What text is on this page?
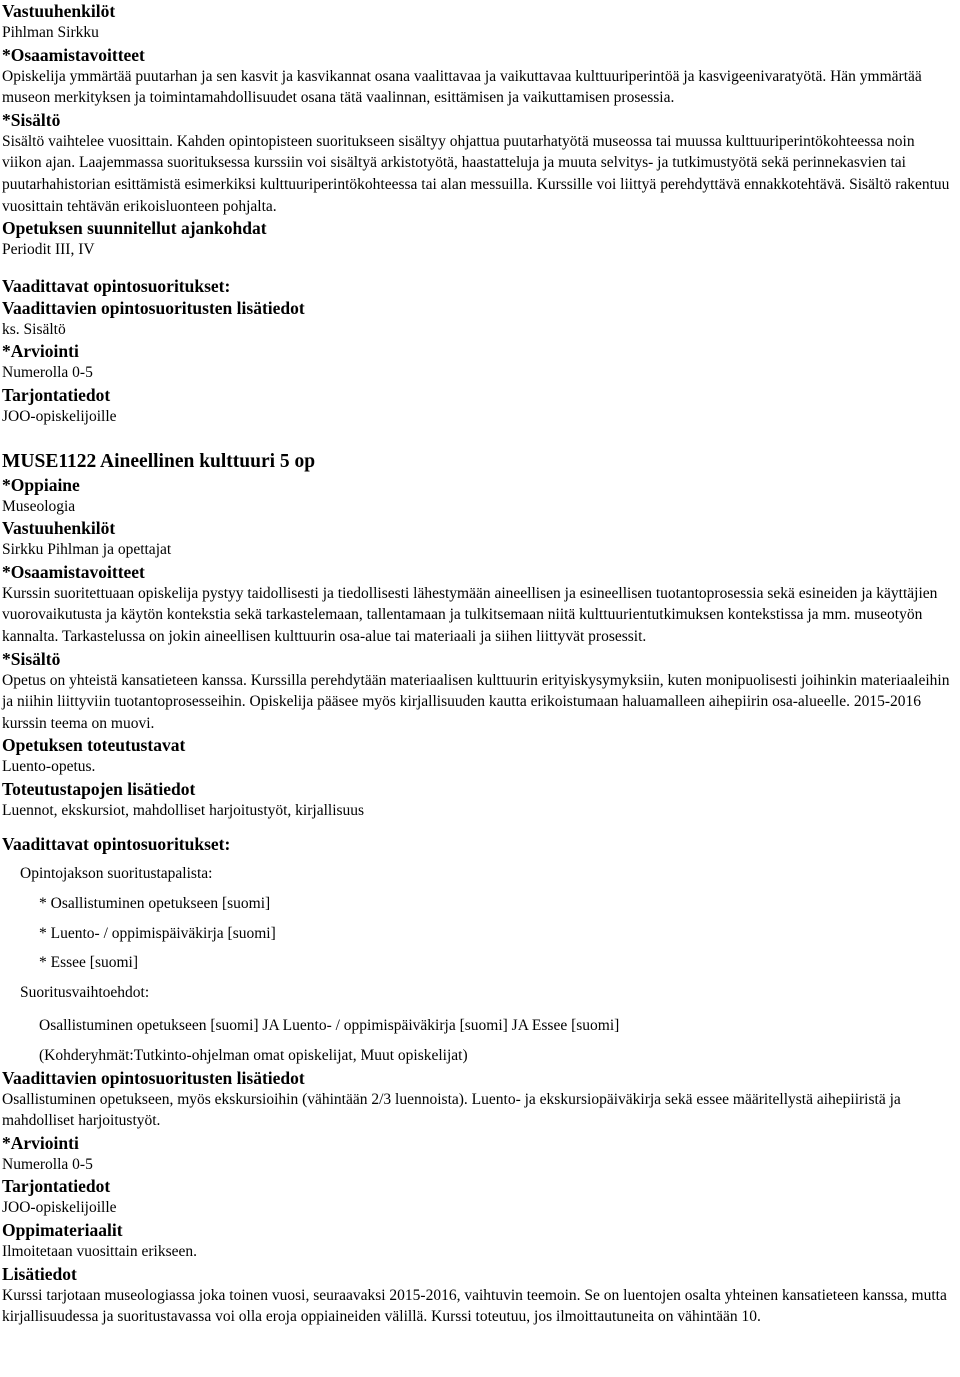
Vastuuhenkilöt
Pihlman Sirkku
*Osaamistavoitteet
Opiskelija ymmärtää puutarhan ja sen kasvit ja kasvikannat osana vaalittavaa ja vaikuttavaa kulttuuriperintöä ja kasvigeenivaratyötä. Hän ymmärtää museon merkityksen ja toimintamahdollisuudet osana tätä vaalinnan, esittämisen ja vaikuttamisen prosessia.
*Sisältö
Sisältö vaihtelee vuosittain. Kahden opintopisteen suoritukseen sisältyy ohjattua puutarhatyötä museossa tai muussa kulttuuriperintökohteessa noin viikon ajan. Laajemmassa suorituksessa kurssiin voi sisältyä arkistotyötä, haastatteluja ja muuta selvitys- ja tutkimustyötä sekä perinnekasvien tai puutarhahistorian esittämistä esimerkiksi kulttuuriperintökohteessa tai alan messuilla. Kurssille voi liittyä perehdyttävä ennakkotehtävä. Sisältö rakentuu vuosittain tehtävän erikoisluonteen pohjalta.
Opetuksen suunnitellut ajankohdat
Periodit III, IV
Vaadittavat opintosuoritukset:
Vaadittavien opintosuoritusten lisätiedot
ks. Sisältö
*Arviointi
Numerolla 0-5
Tarjontatiedot
JOO-opiskelijoille
MUSE1122 Aineellinen kulttuuri 5 op
*Oppiaine
Museologia
Vastuuhenkilöt
Sirkku Pihlman ja opettajat
*Osaamistavoitteet
Kurssin suoritettuaan opiskelija pystyy taidollisesti ja tiedollisesti lähestymään aineellisen ja esineellisen tuotantoprosessia sekä esineiden ja käyttäjien vuorovaikutusta ja käytön kontekstia sekä tarkastelemaan, tallentamaan ja tulkitsemaan niitä kulttuurientutkimuksen kontekstissa ja mm. museotyön kannalta. Tarkastelussa on jokin aineellisen kulttuurin osa-alue tai materiaali ja siihen liittyvät prosessit.
*Sisältö
Opetus on yhteistä kansatieteen kanssa. Kurssilla perehdytään materiaalisen kulttuurin erityiskysymyksiin, kuten monipuolisesti joihinkin materiaaleihin ja niihin liittyviin tuotantoprosesseihin. Opiskelija pääsee myös kirjallisuuden kautta erikoistumaan haluamalleen aihepiirin osa-alueelle. 2015-2016 kurssin teema on muovi.
Opetuksen toteutustavat
Luento-opetus.
Toteutustapojen lisätiedot
Luennot, ekskursiot, mahdolliset harjoitustyöt, kirjallisuus
Vaadittavat opintosuoritukset:
Opintojakson suoritustapalista:
* Osallistuminen opetukseen [suomi]
* Luento- / oppimispäiväkirja [suomi]
* Essee [suomi]
Suoritusvaihtoehdot:
Osallistuminen opetukseen [suomi] JA Luento- / oppimispäiväkirja [suomi] JA Essee [suomi]
(Kohderyhmät:Tutkinto-ohjelman omat opiskelijat, Muut opiskelijat)
Vaadittavien opintosuoritusten lisätiedot
Osallistuminen opetukseen, myös ekskursioihin (vähintään 2/3 luennoista). Luento- ja ekskursiopäiväkirja sekä essee määritellystä aihepiiristä ja mahdolliset harjoitustyöt.
*Arviointi
Numerolla 0-5
Tarjontatiedot
JOO-opiskelijoille
Oppimateriaalit
Ilmoitetaan vuosittain erikseen.
Lisätiedot
Kurssi tarjotaan museologiassa joka toinen vuosi, seuraavaksi 2015-2016, vaihtuvin teemoin. Se on luentojen osalta yhteinen kansatieteen kanssa, mutta kirjallisuudessa ja suoritustavassa voi olla eroja oppiaineiden välillä. Kurssi toteutuu, jos ilmoittautuneita on vähintään 10.
